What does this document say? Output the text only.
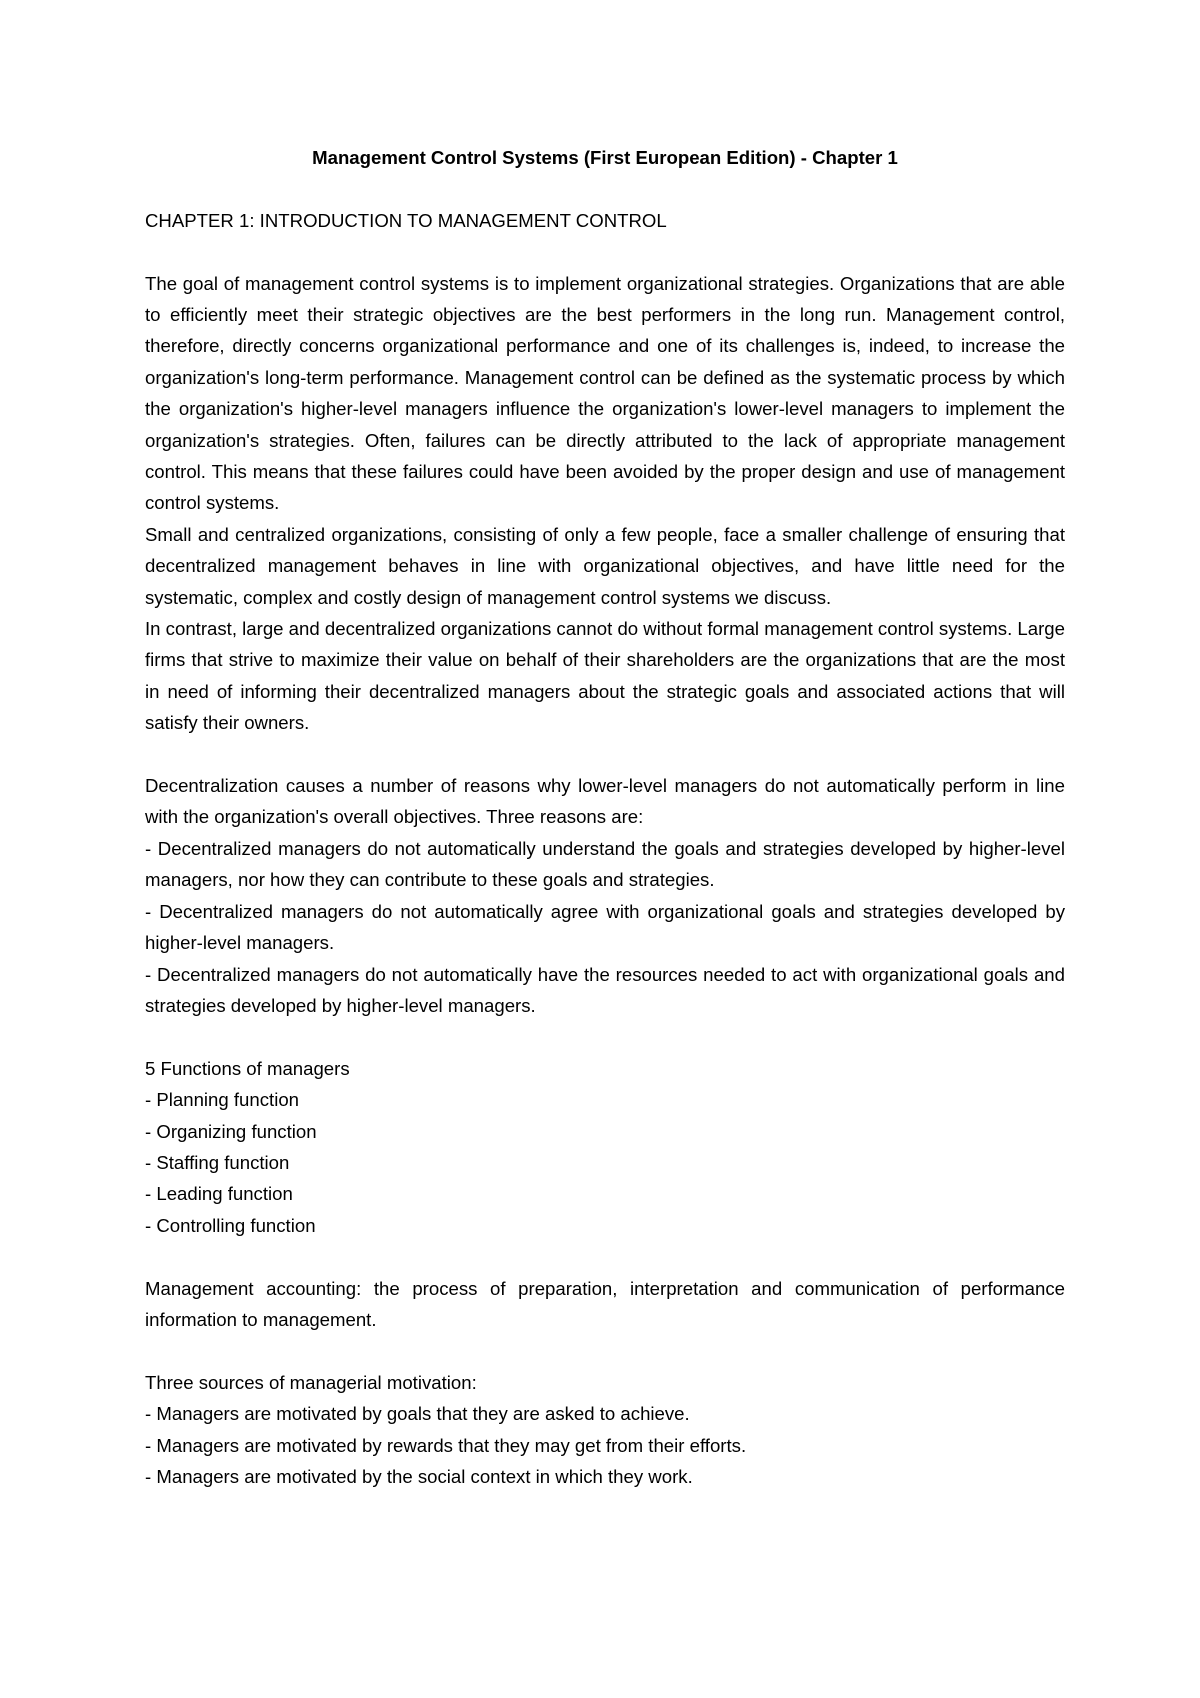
Management Control Systems (First European Edition) - Chapter 1

CHAPTER 1: INTRODUCTION TO MANAGEMENT CONTROL

The goal of management control systems is to implement organizational strategies. Organizations that are able to efficiently meet their strategic objectives are the best performers in the long run. Management control, therefore, directly concerns organizational performance and one of its challenges is, indeed, to increase the organization's long-term performance. Management control can be defined as the systematic process by which the organization's higher-level managers influence the organization's lower-level managers to implement the organization's strategies. Often, failures can be directly attributed to the lack of appropriate management control. This means that these failures could have been avoided by the proper design and use of management control systems.

Small and centralized organizations, consisting of only a few people, face a smaller challenge of ensuring that decentralized management behaves in line with organizational objectives, and have little need for the systematic, complex and costly design of management control systems we discuss.

In contrast, large and decentralized organizations cannot do without formal management control systems. Large firms that strive to maximize their value on behalf of their shareholders are the organizations that are the most in need of informing their decentralized managers about the strategic goals and associated actions that will satisfy their owners.

Decentralization causes a number of reasons why lower-level managers do not automatically perform in line with the organization's overall objectives. Three reasons are:

- Decentralized managers do not automatically understand the goals and strategies developed by higher-level managers, nor how they can contribute to these goals and strategies.

- Decentralized managers do not automatically agree with organizational goals and strategies developed by higher-level managers.

- Decentralized managers do not automatically have the resources needed to act with organizational goals and strategies developed by higher-level managers.

5 Functions of managers

- Planning function

- Organizing function

- Staffing function

- Leading function

- Controlling function

Management accounting: the process of preparation, interpretation and communication of performance information to management.

Three sources of managerial motivation:

- Managers are motivated by goals that they are asked to achieve.

- Managers are motivated by rewards that they may get from their efforts.

- Managers are motivated by the social context in which they work.
